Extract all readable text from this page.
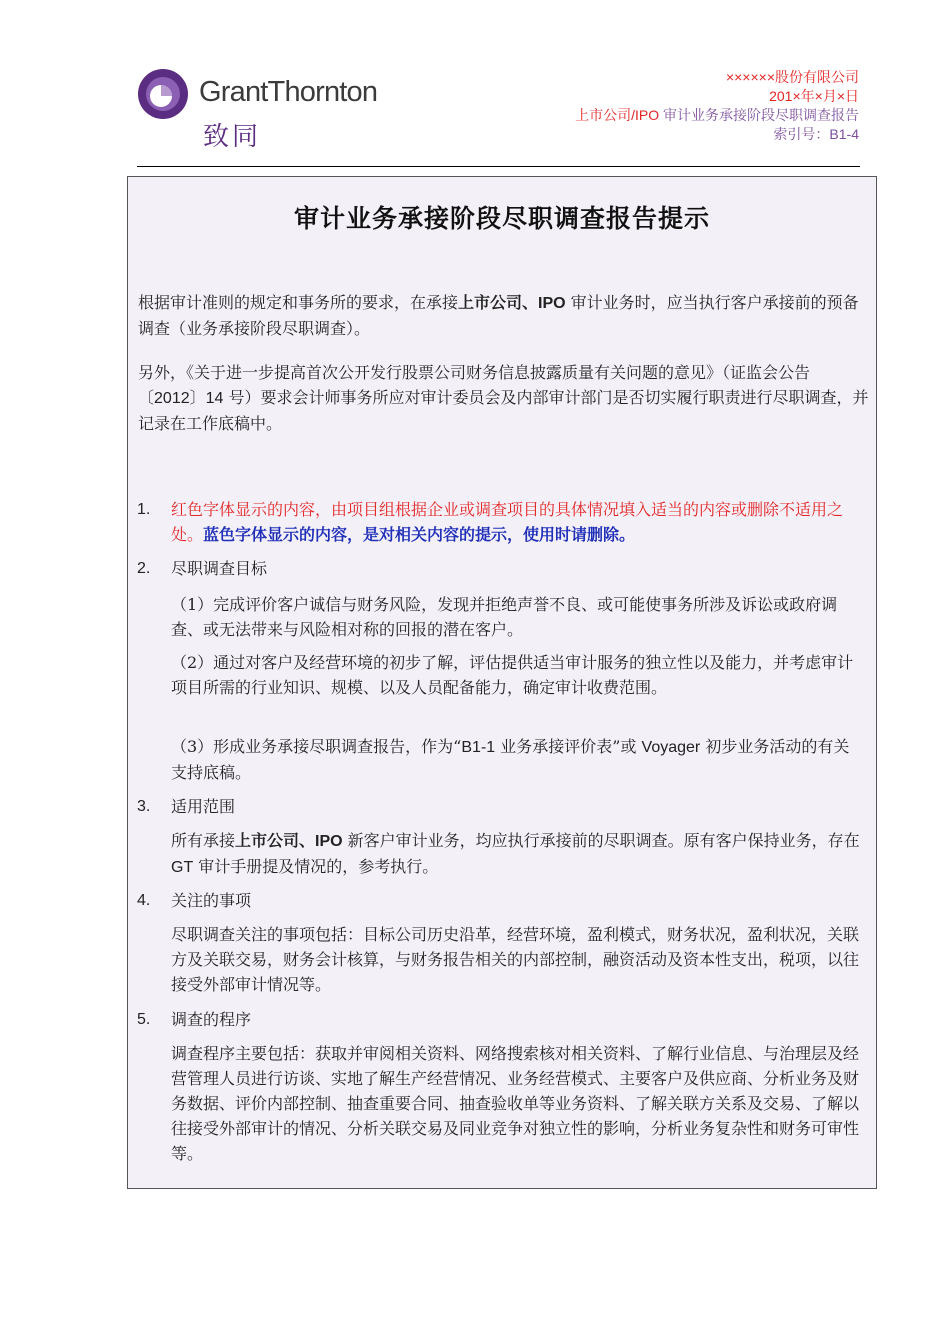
GrantThornton
致同
××××××股份有限公司
201×年×月×日
上市公司/IPO 审计业务承接阶段尽职调查报告
索引号：B1-4
审计业务承接阶段尽职调查报告提示
根据审计准则的规定和事务所的要求，在承接上市公司、IPO 审计业务时，应当执行客户承接前的预备调查（业务承接阶段尽职调查）。
另外，《关于进一步提高首次公开发行股票公司财务信息披露质量有关问题的意见》（证监会公告〔2012〕14 号）要求会计师事务所应对审计委员会及内部审计部门是否切实履行职责进行尽职调查，并记录在工作底稿中。
1. 红色字体显示的内容，由项目组根据企业或调查项目的具体情况填入适当的内容或删除不适用之处。蓝色字体显示的内容，是对相关内容的提示，使用时请删除。
2. 尽职调查目标
（1）完成评价客户诚信与财务风险，发现并拒绝声誉不良、或可能使事务所涉及诉讼或政府调查、或无法带来与风险相对称的回报的潜在客户。
（2）通过对客户及经营环境的初步了解，评估提供适当审计服务的独立性以及能力，并考虑审计项目所需的行业知识、规模、以及人员配备能力，确定审计收费范围。
（3）形成业务承接尽职调查报告，作为“B1-1 业务承接评价表”或 Voyager 初步业务活动的有关支持底稿。
3. 适用范围
所有承接上市公司、IPO 新客户审计业务，均应执行承接前的尽职调查。原有客户保持业务，存在 GT 审计手册提及情况的，参考执行。
4. 关注的事项
尽职调查关注的事项包括：目标公司历史沿革，经营环境，盈利模式，财务状况，盈利状况，关联方及关联交易，财务会计核算，与财务报告相关的内部控制，融资活动及资本性支出，税项，以往接受外部审计情况等。
5. 调查的程序
调查程序主要包括：获取并审阅相关资料、网络搜索核对相关资料、了解行业信息、与治理层及经营管理人员进行访谈、实地了解生产经营情况、业务经营模式、主要客户及供应商、分析业务及财务数据、评价内部控制、抽查重要合同、抽查验收单等业务资料、了解关联方关系及交易、了解以往接受外部审计的情况、分析关联交易及同业竞争对独立性的影响，分析业务复杂性和财务可审性等。
